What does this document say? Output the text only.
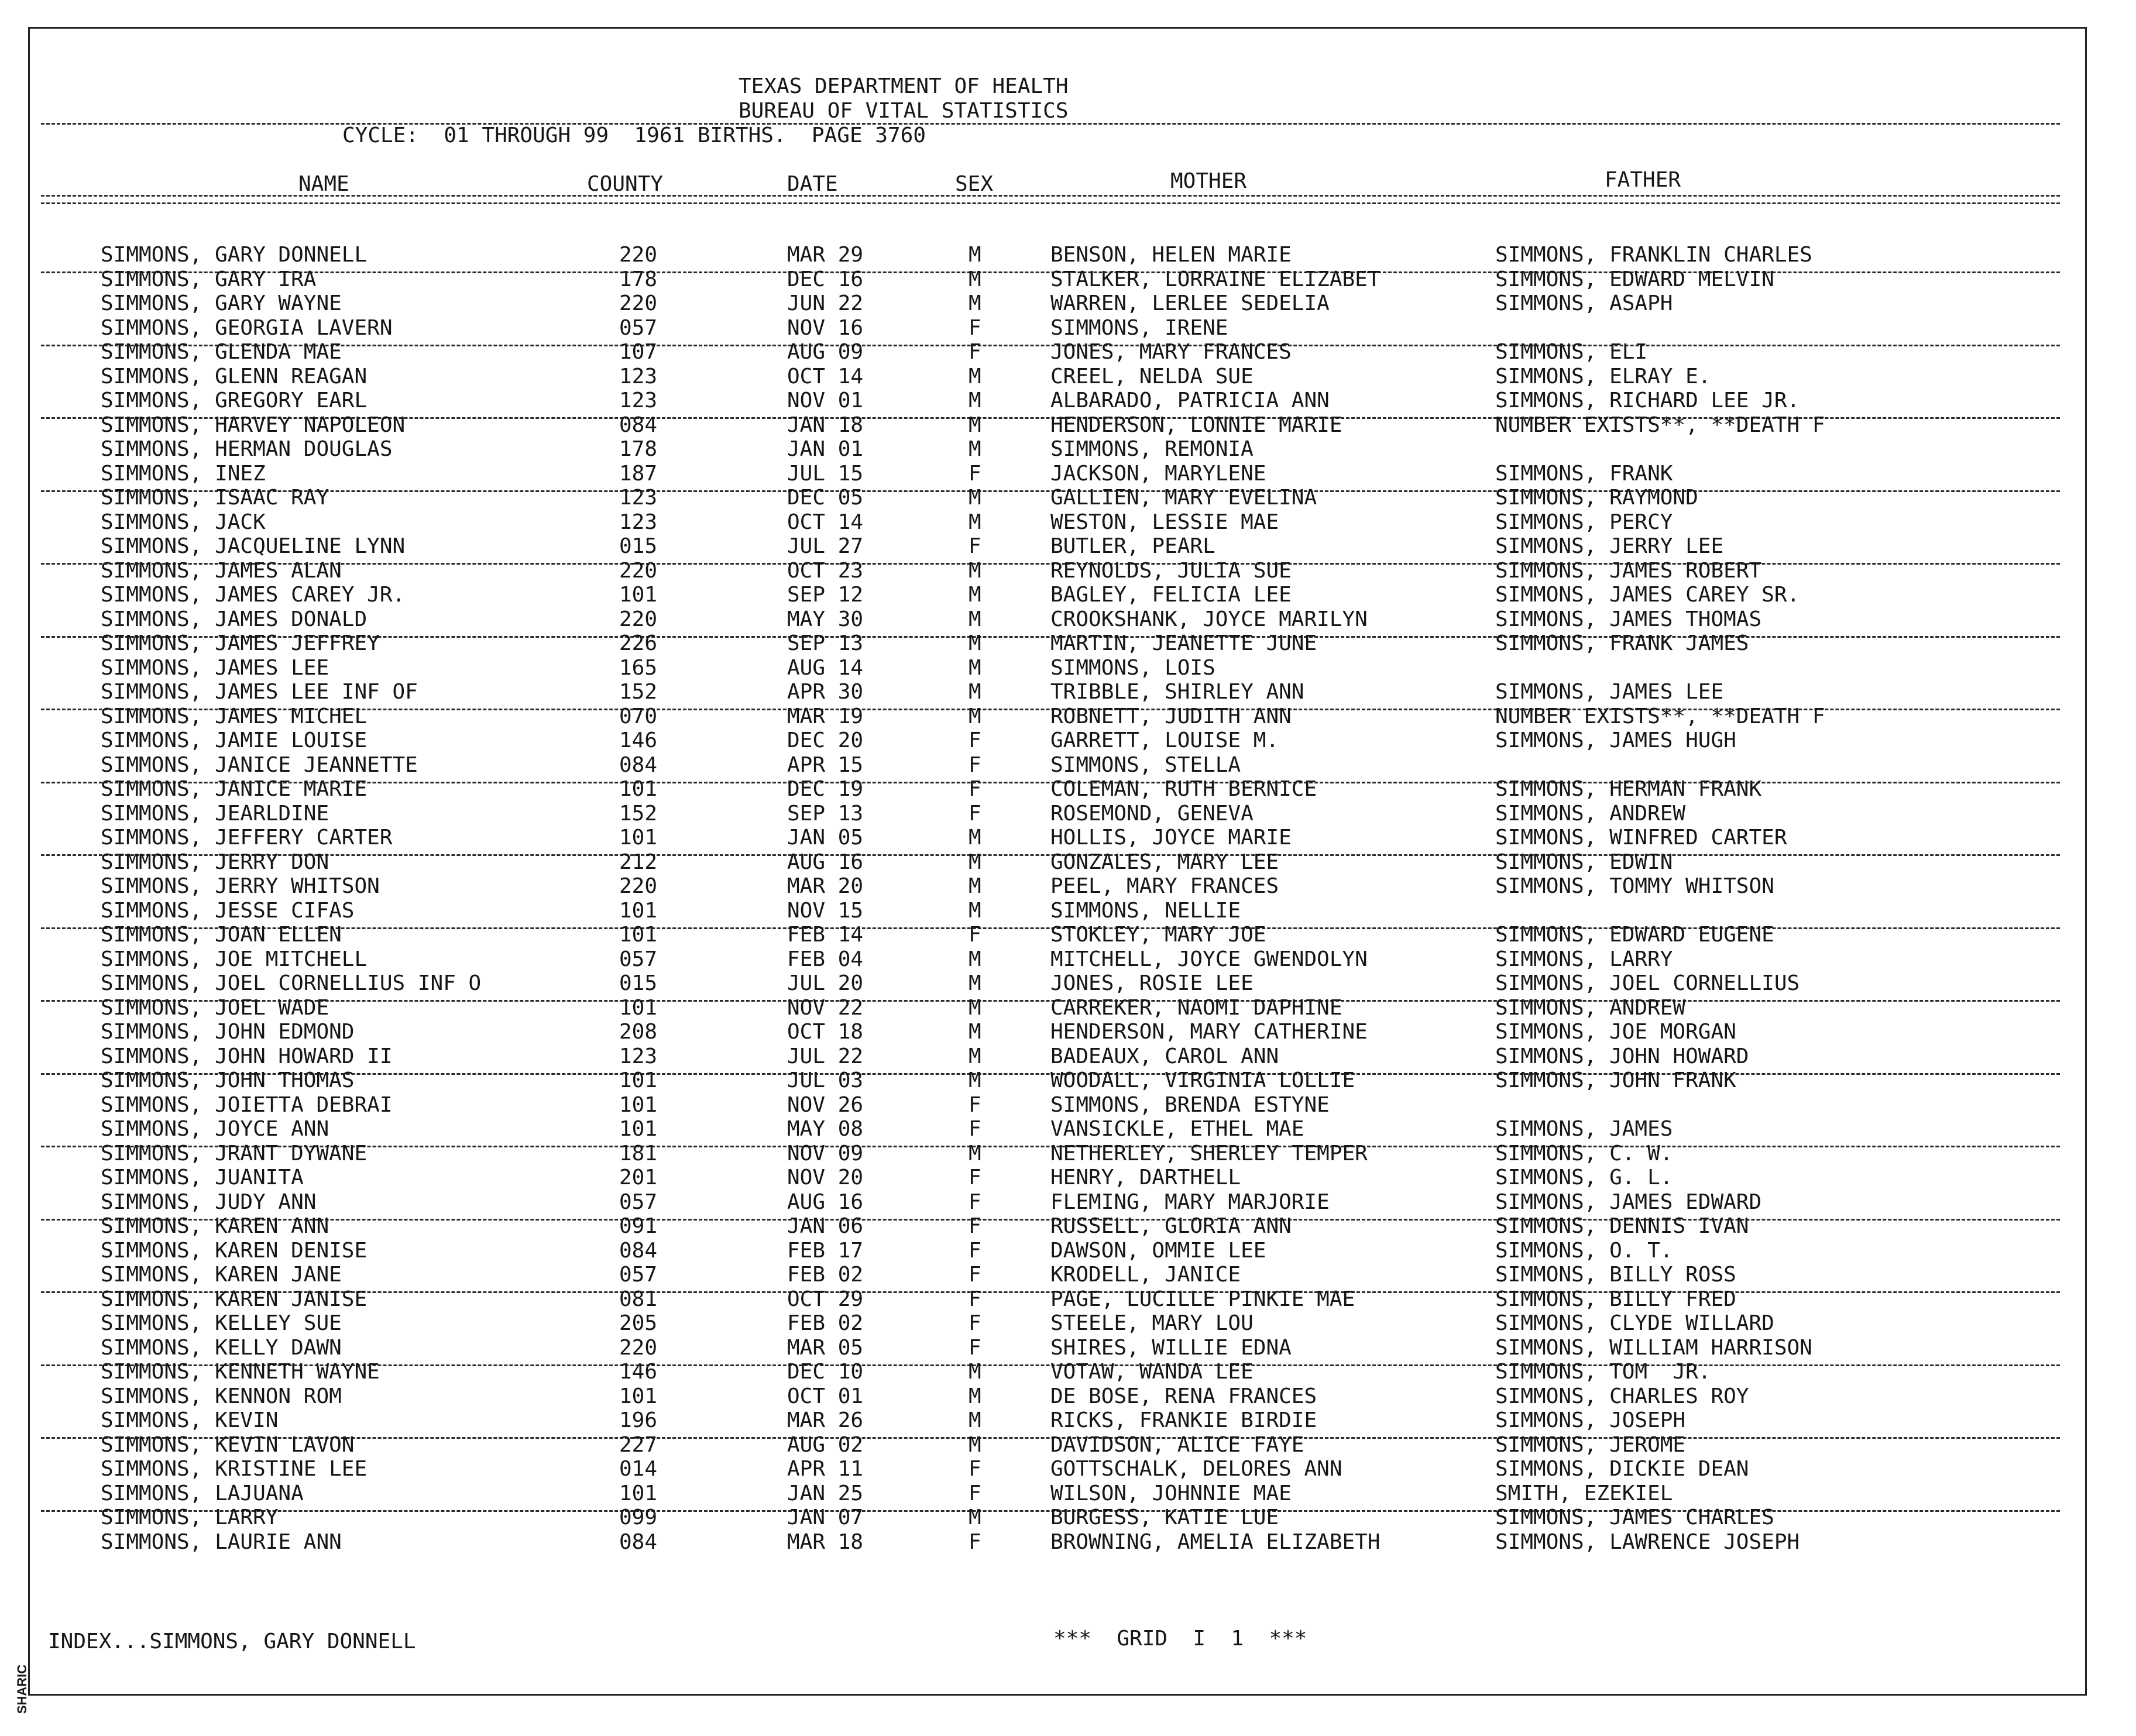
TEXAS DEPARTMENT OF HEALTH
BUREAU OF VITAL STATISTICS
CYCLE:  01 THROUGH 99  1961 BIRTHS.  PAGE 3760
NAME	COUNTY	DATE	SEX	MOTHER	FATHER
SIMMONS, GARY DONNELL	220	MAR 29	M	BENSON, HELEN MARIE	SIMMONS, FRANKLIN CHARLES
SIMMONS, GARY IRA	178	DEC 16	M	STALKER, LORRAINE ELIZABET	SIMMONS, EDWARD MELVIN
SIMMONS, GARY WAYNE	220	JUN 22	M	WARREN, LERLEE SEDELIA	SIMMONS, ASAPH
SIMMONS, GEORGIA LAVERN	057	NOV 16	F	SIMMONS, IRENE
SIMMONS, GLENDA MAE	107	AUG 09	F	JONES, MARY FRANCES	SIMMONS, ELI
SIMMONS, GLENN REAGAN	123	OCT 14	M	CREEL, NELDA SUE	SIMMONS, ELRAY E.
SIMMONS, GREGORY EARL	123	NOV 01	M	ALBARADO, PATRICIA ANN	SIMMONS, RICHARD LEE JR.
SIMMONS, HARVEY NAPOLEON	084	JAN 18	M	HENDERSON, LONNIE MARIE	NUMBER EXISTS**, **DEATH F
SIMMONS, HERMAN DOUGLAS	178	JAN 01	M	SIMMONS, REMONIA
SIMMONS, INEZ	187	JUL 15	F	JACKSON, MARYLENE	SIMMONS, FRANK
SIMMONS, ISAAC RAY	123	DEC 05	M	GALLIEN, MARY EVELINA	SIMMONS, RAYMOND
SIMMONS, JACK	123	OCT 14	M	WESTON, LESSIE MAE	SIMMONS, PERCY
SIMMONS, JACQUELINE LYNN	015	JUL 27	F	BUTLER, PEARL	SIMMONS, JERRY LEE
SIMMONS, JAMES ALAN	220	OCT 23	M	REYNOLDS, JULIA SUE	SIMMONS, JAMES ROBERT
SIMMONS, JAMES CAREY JR.	101	SEP 12	M	BAGLEY, FELICIA LEE	SIMMONS, JAMES CAREY SR.
SIMMONS, JAMES DONALD	220	MAY 30	M	CROOKSHANK, JOYCE MARILYN	SIMMONS, JAMES THOMAS
SIMMONS, JAMES JEFFREY	226	SEP 13	M	MARTIN, JEANETTE JUNE	SIMMONS, FRANK JAMES
SIMMONS, JAMES LEE	165	AUG 14	M	SIMMONS, LOIS
SIMMONS, JAMES LEE INF OF	152	APR 30	M	TRIBBLE, SHIRLEY ANN	SIMMONS, JAMES LEE
SIMMONS, JAMES MICHEL	070	MAR 19	M	ROBNETT, JUDITH ANN	NUMBER EXISTS**, **DEATH F
SIMMONS, JAMIE LOUISE	146	DEC 20	F	GARRETT, LOUISE M.	SIMMONS, JAMES HUGH
SIMMONS, JANICE JEANNETTE	084	APR 15	F	SIMMONS, STELLA
SIMMONS, JANICE MARIE	101	DEC 19	F	COLEMAN, RUTH BERNICE	SIMMONS, HERMAN FRANK
SIMMONS, JEARLDINE	152	SEP 13	F	ROSEMOND, GENEVA	SIMMONS, ANDREW
SIMMONS, JEFFERY CARTER	101	JAN 05	M	HOLLIS, JOYCE MARIE	SIMMONS, WINFRED CARTER
SIMMONS, JERRY DON	212	AUG 16	M	GONZALES, MARY LEE	SIMMONS, EDWIN
SIMMONS, JERRY WHITSON	220	MAR 20	M	PEEL, MARY FRANCES	SIMMONS, TOMMY WHITSON
SIMMONS, JESSE CIFAS	101	NOV 15	M	SIMMONS, NELLIE
SIMMONS, JOAN ELLEN	101	FEB 14	F	STOKLEY, MARY JOE	SIMMONS, EDWARD EUGENE
SIMMONS, JOE MITCHELL	057	FEB 04	M	MITCHELL, JOYCE GWENDOLYN	SIMMONS, LARRY
SIMMONS, JOEL CORNELLIUS INF O	015	JUL 20	M	JONES, ROSIE LEE	SIMMONS, JOEL CORNELLIUS
SIMMONS, JOEL WADE	101	NOV 22	M	CARREKER, NAOMI DAPHINE	SIMMONS, ANDREW
SIMMONS, JOHN EDMOND	208	OCT 18	M	HENDERSON, MARY CATHERINE	SIMMONS, JOE MORGAN
SIMMONS, JOHN HOWARD II	123	JUL 22	M	BADEAUX, CAROL ANN	SIMMONS, JOHN HOWARD
SIMMONS, JOHN THOMAS	101	JUL 03	M	WOODALL, VIRGINIA LOLLIE	SIMMONS, JOHN FRANK
SIMMONS, JOIETTA DEBRAI	101	NOV 26	F	SIMMONS, BRENDA ESTYNE
SIMMONS, JOYCE ANN	101	MAY 08	F	VANSICKLE, ETHEL MAE	SIMMONS, JAMES
SIMMONS, JRANT DYWANE	181	NOV 09	M	NETHERLEY, SHERLEY TEMPER	SIMMONS, C. W.
SIMMONS, JUANITA	201	NOV 20	F	HENRY, DARTHELL	SIMMONS, G. L.
SIMMONS, JUDY ANN	057	AUG 16	F	FLEMING, MARY MARJORIE	SIMMONS, JAMES EDWARD
SIMMONS, KAREN ANN	091	JAN 06	F	RUSSELL, GLORIA ANN	SIMMONS, DENNIS IVAN
SIMMONS, KAREN DENISE	084	FEB 17	F	DAWSON, OMMIE LEE	SIMMONS, O. T.
SIMMONS, KAREN JANE	057	FEB 02	F	KRODELL, JANICE	SIMMONS, BILLY ROSS
SIMMONS, KAREN JANISE	081	OCT 29	F	PAGE, LUCILLE PINKIE MAE	SIMMONS, BILLY FRED
SIMMONS, KELLEY SUE	205	FEB 02	F	STEELE, MARY LOU	SIMMONS, CLYDE WILLARD
SIMMONS, KELLY DAWN	220	MAR 05	F	SHIRES, WILLIE EDNA	SIMMONS, WILLIAM HARRISON
SIMMONS, KENNETH WAYNE	146	DEC 10	M	VOTAW, WANDA LEE	SIMMONS, TOM  JR.
SIMMONS, KENNON ROM	101	OCT 01	M	DE BOSE, RENA FRANCES	SIMMONS, CHARLES ROY
SIMMONS, KEVIN	196	MAR 26	M	RICKS, FRANKIE BIRDIE	SIMMONS, JOSEPH
SIMMONS, KEVIN LAVON	227	AUG 02	M	DAVIDSON, ALICE FAYE	SIMMONS, JEROME
SIMMONS, KRISTINE LEE	014	APR 11	F	GOTTSCHALK, DELORES ANN	SIMMONS, DICKIE DEAN
SIMMONS, LAJUANA	101	JAN 25	F	WILSON, JOHNNIE MAE	SMITH, EZEKIEL
SIMMONS, LARRY	099	JAN 07	M	BURGESS, KATIE LUE	SIMMONS, JAMES CHARLES
SIMMONS, LAURIE ANN	084	MAR 18	F	BROWNING, AMELIA ELIZABETH	SIMMONS, LAWRENCE JOSEPH
INDEX...SIMMONS, GARY DONNELL	***  GRID  I  1  ***
SHARIC
